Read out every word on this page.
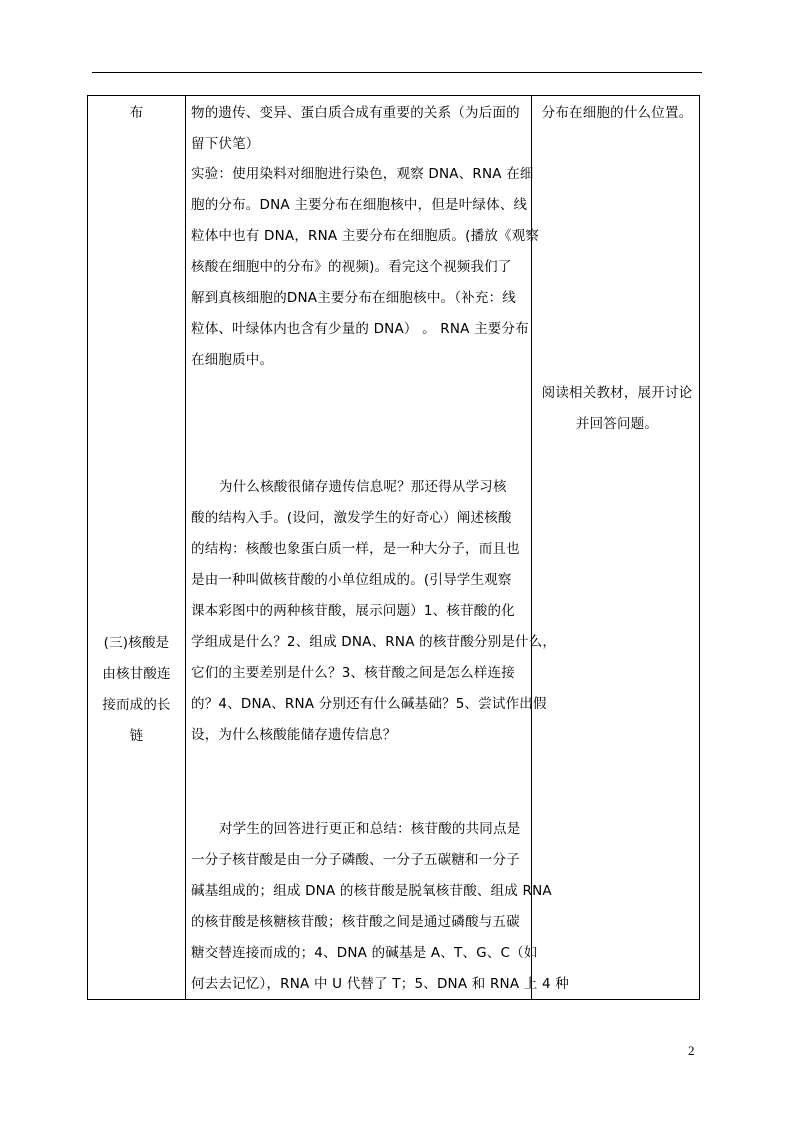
布
(三)核酸是
由核甘酸连
接而成的长
链
物的遗传、变异、蛋白质合成有重要的关系（为后面的
留下伏笔）
实验：使用染料对细胞进行染色，观察 DNA、RNA 在细
胞的分布。DNA 主要分布在细胞核中，但是叶绿体、线
粒体中也有 DNA，RNA 主要分布在细胞质。(播放《观察
核酸在细胞中的分布》的视频)。看完这个视频我们了
解到真核细胞的DNA主要分布在细胞核中。（补充：线
粒体、叶绿体内也含有少量的 DNA） 。 RNA 主要分布
在细胞质中。
为什么核酸很储存遗传信息呢？那还得从学习核
酸的结构入手。(设问，激发学生的好奇心）阐述核酸
的结构：核酸也象蛋白质一样，是一种大分子，而且也
是由一种叫做核苷酸的小单位组成的。(引导学生观察
课本彩图中的两种核苷酸，展示问题）1、核苷酸的化
学组成是什么？2、组成 DNA、RNA 的核苷酸分别是什么，
它们的主要差别是什么？3、核苷酸之间是怎么样连接
的？4、DNA、RNA 分别还有什么碱基础？5、尝试作出假
设，为什么核酸能储存遗传信息？
对学生的回答进行更正和总结：核苷酸的共同点是
一分子核苷酸是由一分子磷酸、一分子五碳糖和一分子
碱基组成的；组成 DNA 的核苷酸是脱氧核苷酸、组成 RNA
的核苷酸是核糖核苷酸；核苷酸之间是通过磷酸与五碳
糖交替连接而成的；4、DNA 的碱基是 A、T、G、C（如
何去去记忆），RNA 中 U 代替了 T；5、DNA 和 RNA 上 4 种
分布在细胞的什么位置。
阅读相关教材，展开讨论
并回答问题。
2
